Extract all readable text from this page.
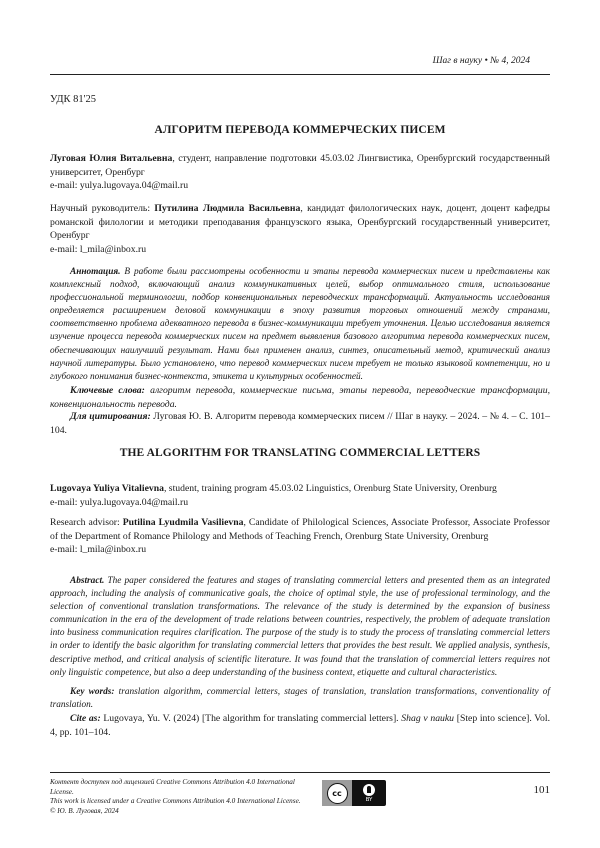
Шаг в науку • № 4, 2024
УДК 81'25
АЛГОРИТМ ПЕРЕВОДА КОММЕРЧЕСКИХ ПИСЕМ
Луговая Юлия Витальевна, студент, направление подготовки 45.03.02 Лингвистика, Оренбургский государственный университет, Оренбург
e-mail: yulya.lugovaya.04@mail.ru
Научный руководитель: Путилина Людмила Васильевна, кандидат филологических наук, доцент, доцент кафедры романской филологии и методики преподавания французского языка, Оренбургский государственный университет, Оренбург
e-mail: l_mila@inbox.ru
Аннотация. В работе были рассмотрены особенности и этапы перевода коммерческих писем и представлены как комплексный подход, включающий анализ коммуникативных целей, выбор оптимального стиля, использование профессиональной терминологии, подбор конвенциональных переводческих трансформаций. Актуальность исследования определяется расширением деловой коммуникации в эпоху развития торговых отношений между странами, соответственно проблема адекватного перевода в бизнес-коммуникации требует уточнения. Целью исследования является изучение процесса перевода коммерческих писем на предмет выявления базового алгоритма перевода коммерческих писем, обеспечивающих наилучший результат. Нами был применен анализ, синтез, описательный метод, критический анализ научной литературы. Было установлено, что перевод коммерческих писем требует не только языковой компетенции, но и глубокого понимания бизнес-контекста, этикета и культурных особенностей.
Ключевые слова: алгоритм перевода, коммерческие письма, этапы перевода, переводческие трансформации, конвенциональность перевода.
Для цитирования: Луговая Ю. В. Алгоритм перевода коммерческих писем // Шаг в науку. – 2024. – № 4. – С. 101–104.
THE ALGORITHM FOR TRANSLATING COMMERCIAL LETTERS
Lugovaya Yuliya Vitalievna, student, training program 45.03.02 Linguistics, Orenburg State University, Orenburg
e-mail: yulya.lugovaya.04@mail.ru
Research advisor: Putilina Lyudmila Vasilievna, Candidate of Philological Sciences, Associate Professor, Associate Professor of the Department of Romance Philology and Methods of Teaching French, Orenburg State University, Orenburg
e-mail: l_mila@inbox.ru
Abstract. The paper considered the features and stages of translating commercial letters and presented them as an integrated approach, including the analysis of communicative goals, the choice of optimal style, the use of professional terminology, and the selection of conventional translation transformations. The relevance of the study is determined by the expansion of business communication in the era of the development of trade relations between countries, respectively, the problem of adequate translation into business communication requires clarification. The purpose of the study is to study the process of translating commercial letters in order to identify the basic algorithm for translating commercial letters that provides the best result. We applied analysis, synthesis, descriptive method, and critical analysis of scientific literature. It was found that the translation of commercial letters requires not only linguistic competence, but also a deep understanding of the business context, etiquette and cultural characteristics.
Key words: translation algorithm, commercial letters, stages of translation, translation transformations, conventionality of translation.
Cite as: Lugovaya, Yu. V. (2024) [The algorithm for translating commercial letters]. Shag v nauku [Step into science]. Vol. 4, pp. 101–104.
Контент доступен под лицензией Creative Commons Attribution 4.0 International License.
This work is licensed under a Creative Commons Attribution 4.0 International License.
© Ю. В. Луговая, 2024
cc
BY
101
